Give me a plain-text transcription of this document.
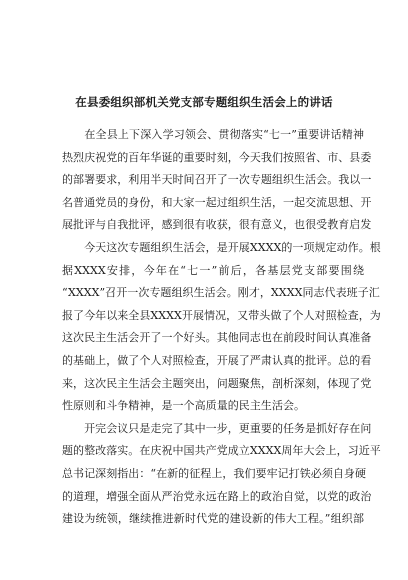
在县委组织部机关党支部专题组织生活会上的讲话
　　在全县上下深入学习领会、贯彻落实“七一”重要讲话精神
热烈庆祝党的百年华诞的重要时刻，今天我们按照省、市、县委
的部署要求，利用半天时间召开了一次专题组织生活会。我以一
名普通党员的身份，和大家一起过组织生活，一起交流思想、开
展批评与自我批评，感到很有收获，很有意义，也很受教育启发
　　今天这次专题组织生活会，是开展XXXX的一项规定动作。根
据XXXX安排，今年在“七一”前后，各基层党支部要围绕
“XXXX”召开一次专题组织生活会。刚才，XXXX同志代表班子汇
报了今年以来全县XXXX开展情况，又带头做了个人对照检查，为
这次民主生活会开了一个好头。其他同志也在前段时间认真准备
的基础上，做了个人对照检查，开展了严肃认真的批评。总的看
来，这次民主生活会主题突出，问题聚焦，剖析深刻，体现了党
性原则和斗争精神，是一个高质量的民主生活会。
　　开完会议只是走完了其中一步，更重要的任务是抓好存在问
题的整改落实。在庆祝中国共产党成立XXXX周年大会上，习近平
总书记深刻指出：“在新的征程上，我们要牢记打铁必须自身硬
的道理，增强全面从严治党永远在路上的政治自觉，以党的政治
建设为统领，继续推进新时代党的建设新的伟大工程。”组织部
